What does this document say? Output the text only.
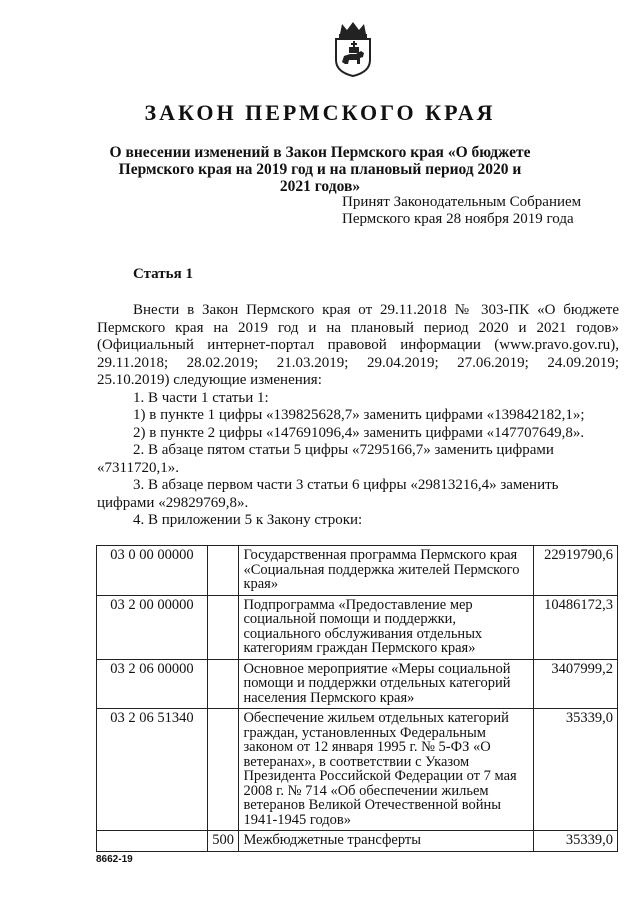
ЗАКОН ПЕРМСКОГО КРАЯ
О внесении изменений в Закон Пермского края «О бюджете
Пермского края на 2019 год и на плановый период 2020 и 2021 годов»
Принят Законодательным Собранием
Пермского края 28 ноября 2019 года
Статья 1

Внести в Закон Пермского края от 29.11.2018 № 303-ПК «О бюджете Пермского края на 2019 год и на плановый период 2020 и 2021 годов» (Официальный интернет-портал правовой информации (www.pravo.gov.ru), 29.11.2018; 28.02.2019; 21.03.2019; 29.04.2019; 27.06.2019; 24.09.2019; 25.10.2019) следующие изменения:

1. В части 1 статьи 1:

1) в пункте 1 цифры «139825628,7» заменить цифрами «139842182,1»;

2) в пункте 2 цифры «147691096,4» заменить цифрами «147707649,8».

2. В абзаце пятом статьи 5 цифры «7295166,7» заменить цифрами «7311720,1».

3. В абзаце первом части 3 статьи 6 цифры «29813216,4» заменить цифрами «29829769,8».

4. В приложении 5 к Закону строки:

03 0 00 00000		Государственная программа Пермского края «Социальная поддержка жителей Пермского края»	22919790,6
03 2 00 00000		Подпрограмма «Предоставление мер социальной помощи и поддержки, социального обслуживания отдельных категориям граждан Пермского края»	10486172,3
03 2 06 00000		Основное мероприятие «Меры социальной помощи и поддержки отдельных категорий населения Пермского края»	3407999,2
03 2 06 51340		Обеспечение жильем отдельных категорий граждан, установленных Федеральным законом от 12 января 1995 г. № 5-ФЗ «О ветеранах», в соответствии с Указом Президента Российской Федерации от 7 мая 2008 г. № 714 «Об обеспечении жильем ветеранов Великой Отечественной войны 1941-1945 годов»	35339,0
	500	Межбюджетные трансферты	35339,0
8662-19
